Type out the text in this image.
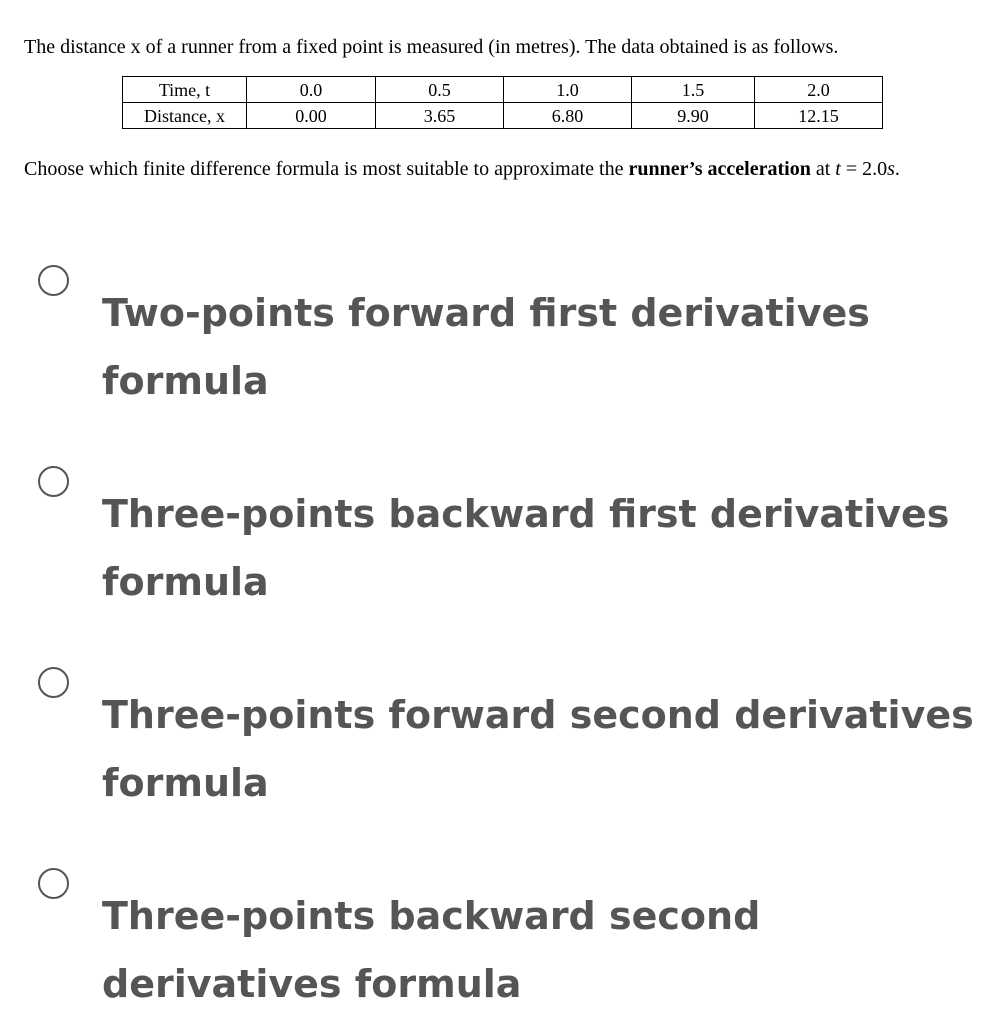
The distance x of a runner from a fixed point is measured (in metres). The data obtained is as follows.
Time, t	0.0	0.5	1.0	1.5	2.0
Distance, x	0.00	3.65	6.80	9.90	12.15
Choose which finite difference formula is most suitable to approximate the runner’s acceleration at t = 2.0s.
Two-points forward first derivatives formula
Three-points backward first derivatives formula
Three-points forward second derivatives formula
Three-points backward second derivatives formula
